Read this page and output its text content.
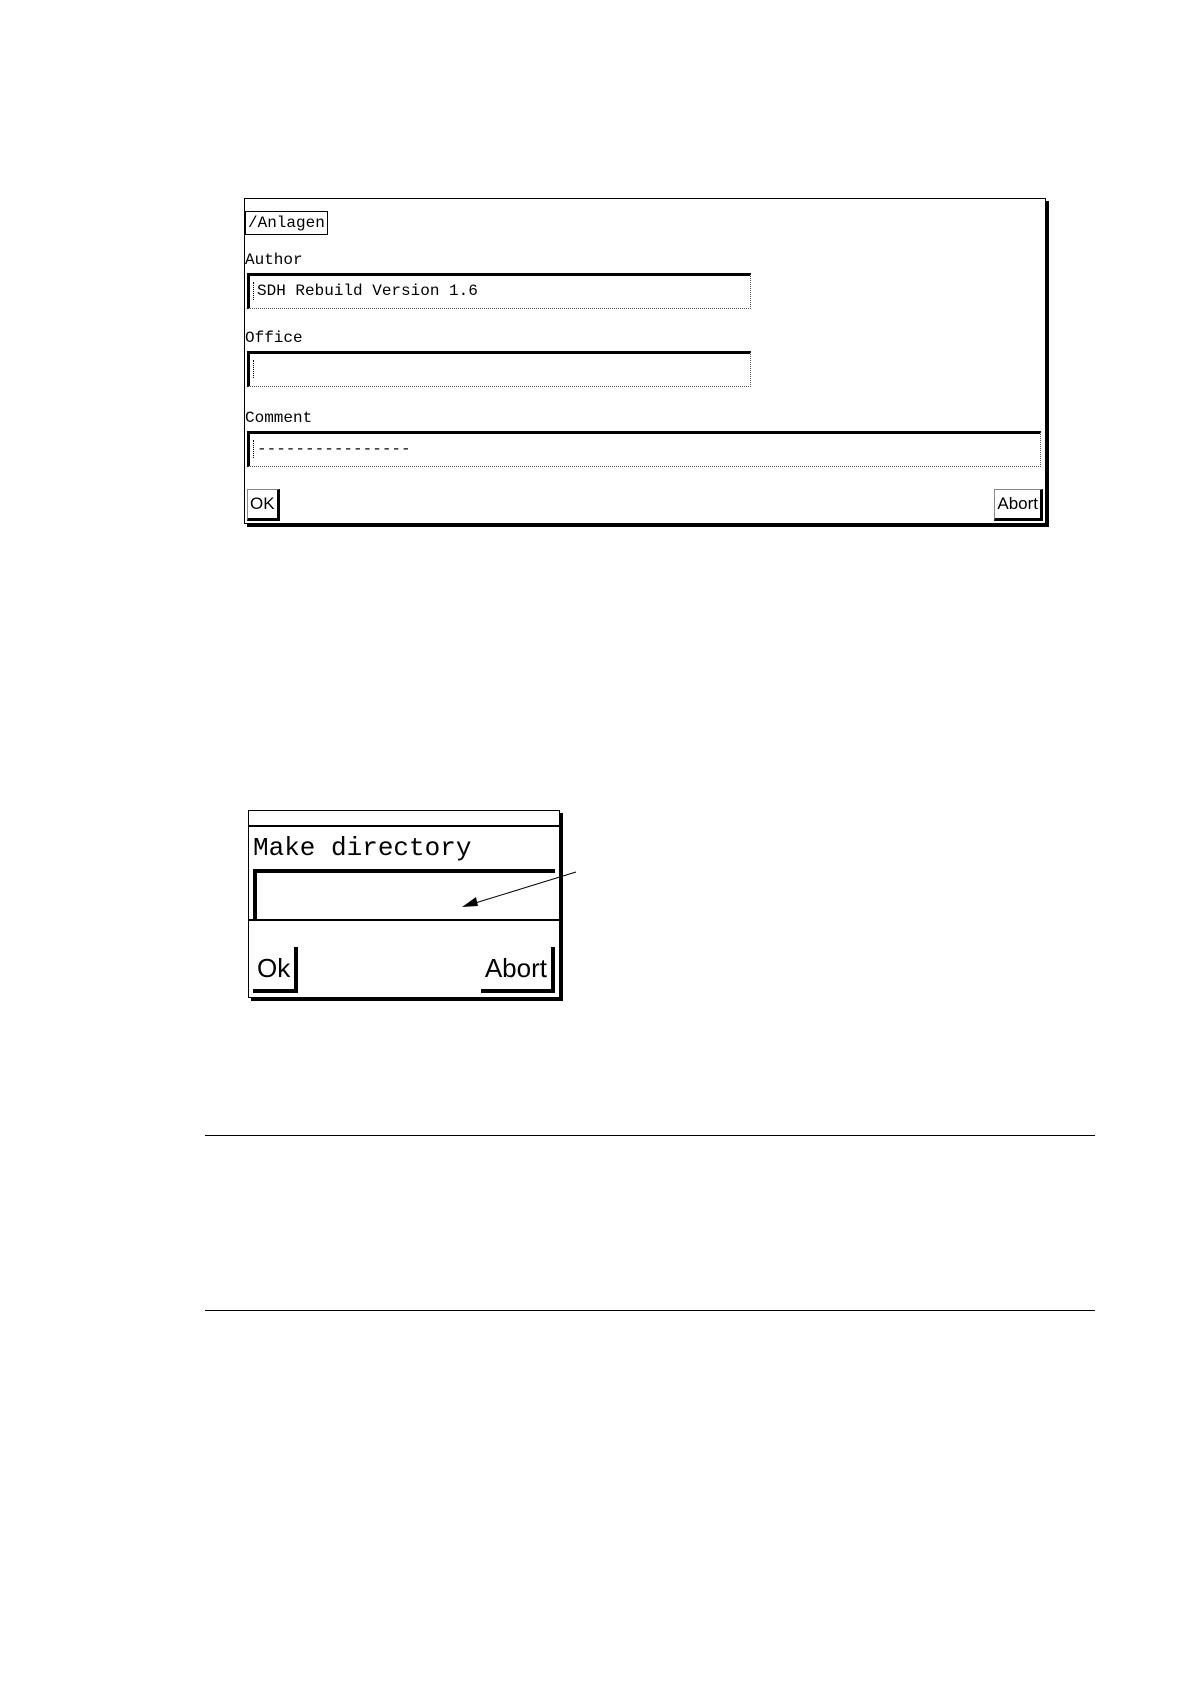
/Anlagen
Author
SDH Rebuild Version 1.6
Office
Comment
----------------
OK	Abort
Make directory
Ok	Abort
